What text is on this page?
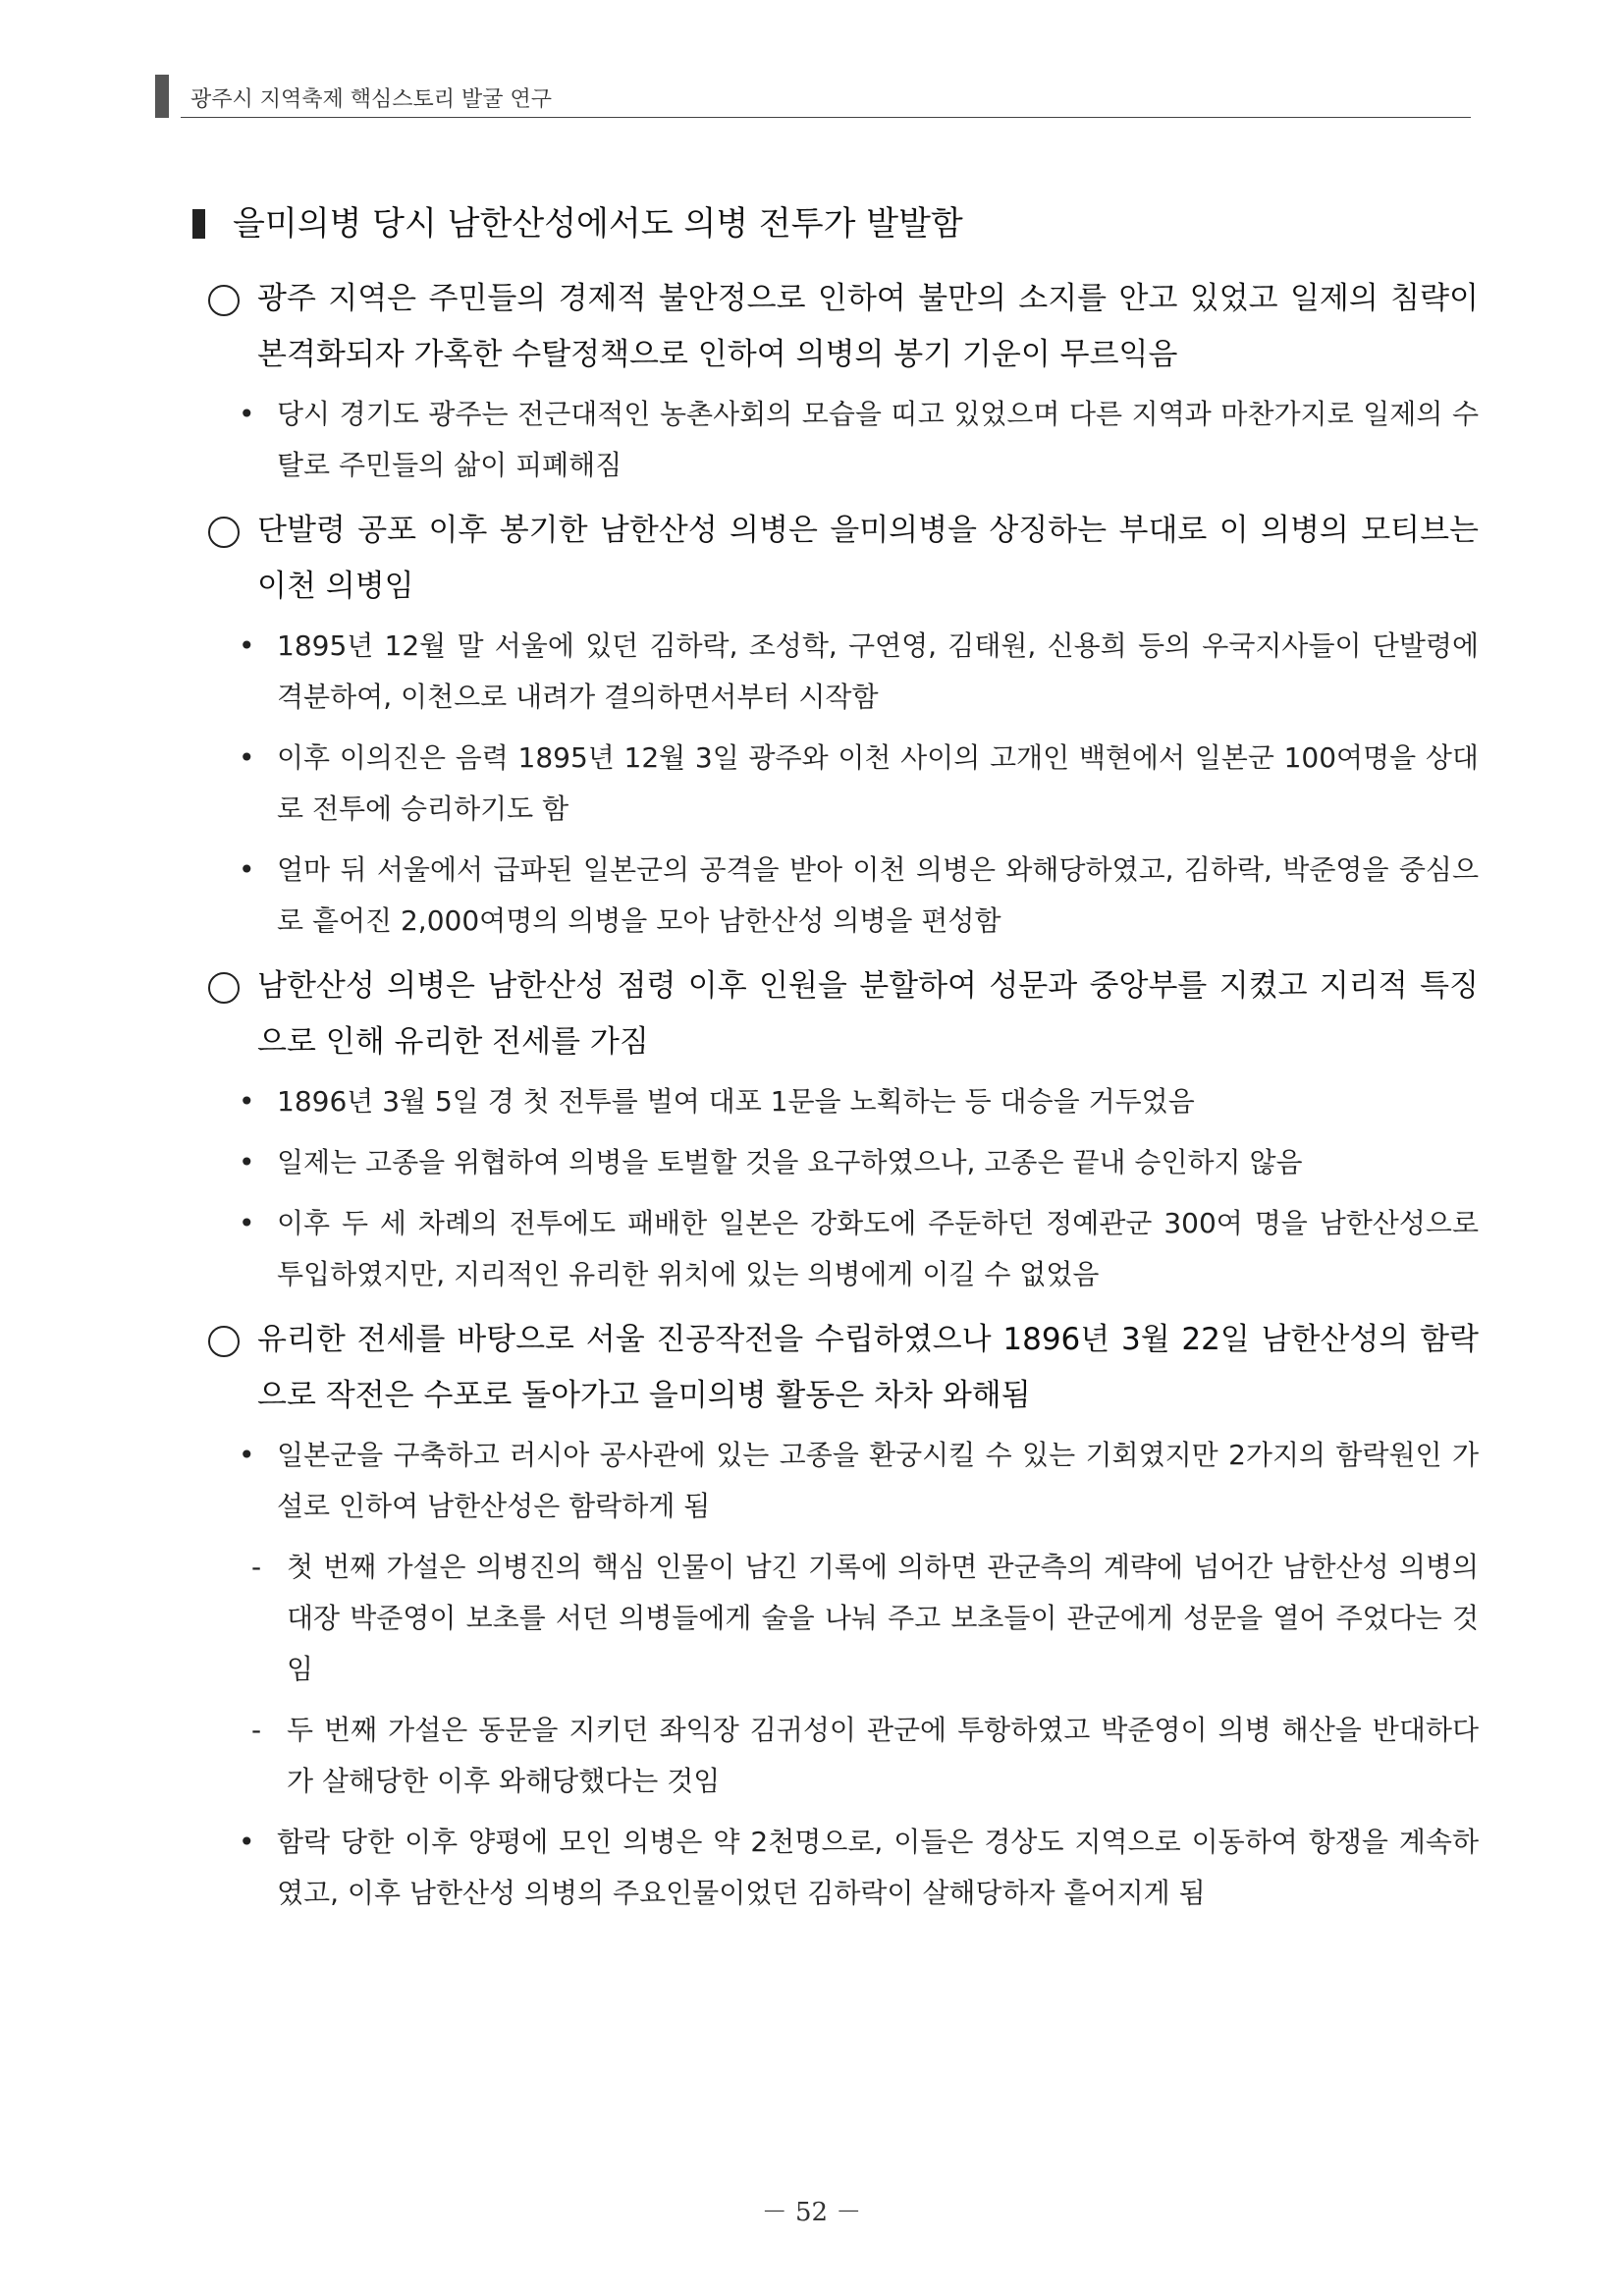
광주시 지역축제 핵심스토리 발굴 연구
을미의병 당시 남한산성에서도 의병 전투가 발발함
광주 지역은 주민들의 경제적 불안정으로 인하여 불만의 소지를 안고 있었고 일제의 침략이 본격화되자 가혹한 수탈정책으로 인하여 의병의 봉기 기운이 무르익음
• 당시 경기도 광주는 전근대적인 농촌사회의 모습을 띠고 있었으며 다른 지역과 마찬가지로 일제의 수탈로 주민들의 삶이 피폐해짐
단발령 공포 이후 봉기한 남한산성 의병은 을미의병을 상징하는 부대로 이 의병의 모티브는 이천 의병임
• 1895년 12월 말 서울에 있던 김하락, 조성학, 구연영, 김태원, 신용희 등의 우국지사들이 단발령에 격분하여, 이천으로 내려가 결의하면서부터 시작함
• 이후 이의진은 음력 1895년 12월 3일 광주와 이천 사이의 고개인 백현에서 일본군 100여명을 상대로 전투에 승리하기도 함
• 얼마 뒤 서울에서 급파된 일본군의 공격을 받아 이천 의병은 와해당하였고, 김하락, 박준영을 중심으로 흩어진 2,000여명의 의병을 모아 남한산성 의병을 편성함
남한산성 의병은 남한산성 점령 이후 인원을 분할하여 성문과 중앙부를 지켰고 지리적 특징으로 인해 유리한 전세를 가짐
• 1896년 3월 5일 경 첫 전투를 벌여 대포 1문을 노획하는 등 대승을 거두었음
• 일제는 고종을 위협하여 의병을 토벌할 것을 요구하였으나, 고종은 끝내 승인하지 않음
• 이후 두 세 차례의 전투에도 패배한 일본은 강화도에 주둔하던 정예관군 300여 명을 남한산성으로 투입하였지만, 지리적인 유리한 위치에 있는 의병에게 이길 수 없었음
유리한 전세를 바탕으로 서울 진공작전을 수립하였으나 1896년 3월 22일 남한산성의 함락으로 작전은 수포로 돌아가고 을미의병 활동은 차차 와해됨
• 일본군을 구축하고 러시아 공사관에 있는 고종을 환궁시킬 수 있는 기회였지만 2가지의 함락원인 가설로 인하여 남한산성은 함락하게 됨
- 첫 번째 가설은 의병진의 핵심 인물이 남긴 기록에 의하면 관군측의 계략에 넘어간 남한산성 의병의 대장 박준영이 보초를 서던 의병들에게 술을 나눠 주고 보초들이 관군에게 성문을 열어 주었다는 것임
- 두 번째 가설은 동문을 지키던 좌익장 김귀성이 관군에 투항하였고 박준영이 의병 해산을 반대하다가 살해당한 이후 와해당했다는 것임
• 함락 당한 이후 양평에 모인 의병은 약 2천명으로, 이들은 경상도 지역으로 이동하여 항쟁을 계속하였고, 이후 남한산성 의병의 주요인물이었던 김하락이 살해당하자 흩어지게 됨
－ 52 －
